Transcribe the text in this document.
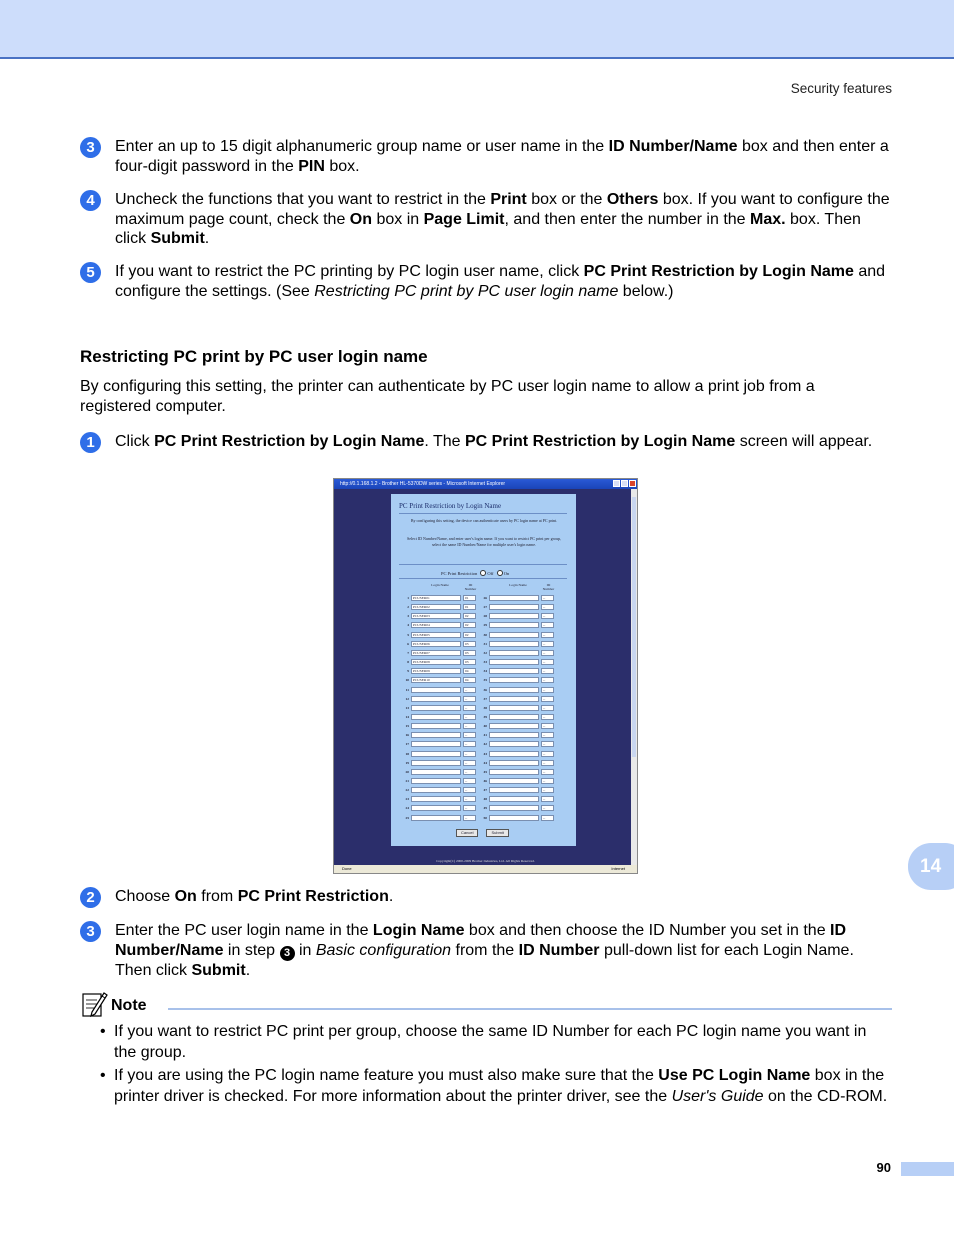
Security features
3	Enter an up to 15 digit alphanumeric group name or user name in the ID Number/Name box and then enter a four-digit password in the PIN box.
4	Uncheck the functions that you want to restrict in the Print box or the Others box. If you want to configure the maximum page count, check the On box in Page Limit, and then enter the number in the Max. box. Then click Submit.
5	If you want to restrict the PC printing by PC login user name, click PC Print Restriction by Login Name and configure the settings. (See Restricting PC print by PC user login name below.)
Restricting PC print by PC user login name
By configuring this setting, the printer can authenticate by PC user login name to allow a print job from a registered computer.
1	Click PC Print Restriction by Login Name. The PC Print Restriction by Login Name screen will appear.
2	Choose On from PC Print Restriction.
3	Enter the PC user login name in the Login Name box and then choose the ID Number you set in the ID Number/Name in step 3 in Basic configuration from the ID Number pull-down list for each Login Name. Then click Submit.
http://0.1.168.1.2 - Brother HL-5370DW series - Microsoft Internet Explorer
PC Print Restriction by Login Name
By configuring this setting, the device can authenticate users by PC login name at PC print.
Select ID Number/Name, and enter user's login name. If you want to restrict PC print per group, select the same ID Number/Name for multiple user's login name.
PC Print Restriction Off On
Login Name	ID Number
Login Name	ID Number
1	PCUSER01	01
2	PCUSER02	01
3	PCUSER03	02
4	PCUSER04	02
5	PCUSER05	02
6	PCUSER06	03
7	PCUSER07	03
8	PCUSER08	03
9	PCUSER09	04
10	PCUSER10	04
11	--
12	--
13	--
14	--
15	--
16	--
17	--
18	--
19	--
20	--
21	--
22	--
23	--
24	--
25	--
26	--
27	--
28	--
29	--
30	--
31	--
32	--
33	--
34	--
35	--
36	--
37	--
38	--
39	--
40	--
41	--
42	--
43	--
44	--
45	--
46	--
47	--
48	--
49	--
50	--
Cancel	Submit
Copyright(C) 2000-2009 Brother Industries, Ltd. All Rights Reserved.
Done	Internet	14
Note
• If you want to restrict PC print per group, choose the same ID Number for each PC login name you want in the group.
• If you are using the PC login name feature you must also make sure that the Use PC Login Name box in the printer driver is checked. For more information about the printer driver, see the User's Guide on the CD-ROM.
90
